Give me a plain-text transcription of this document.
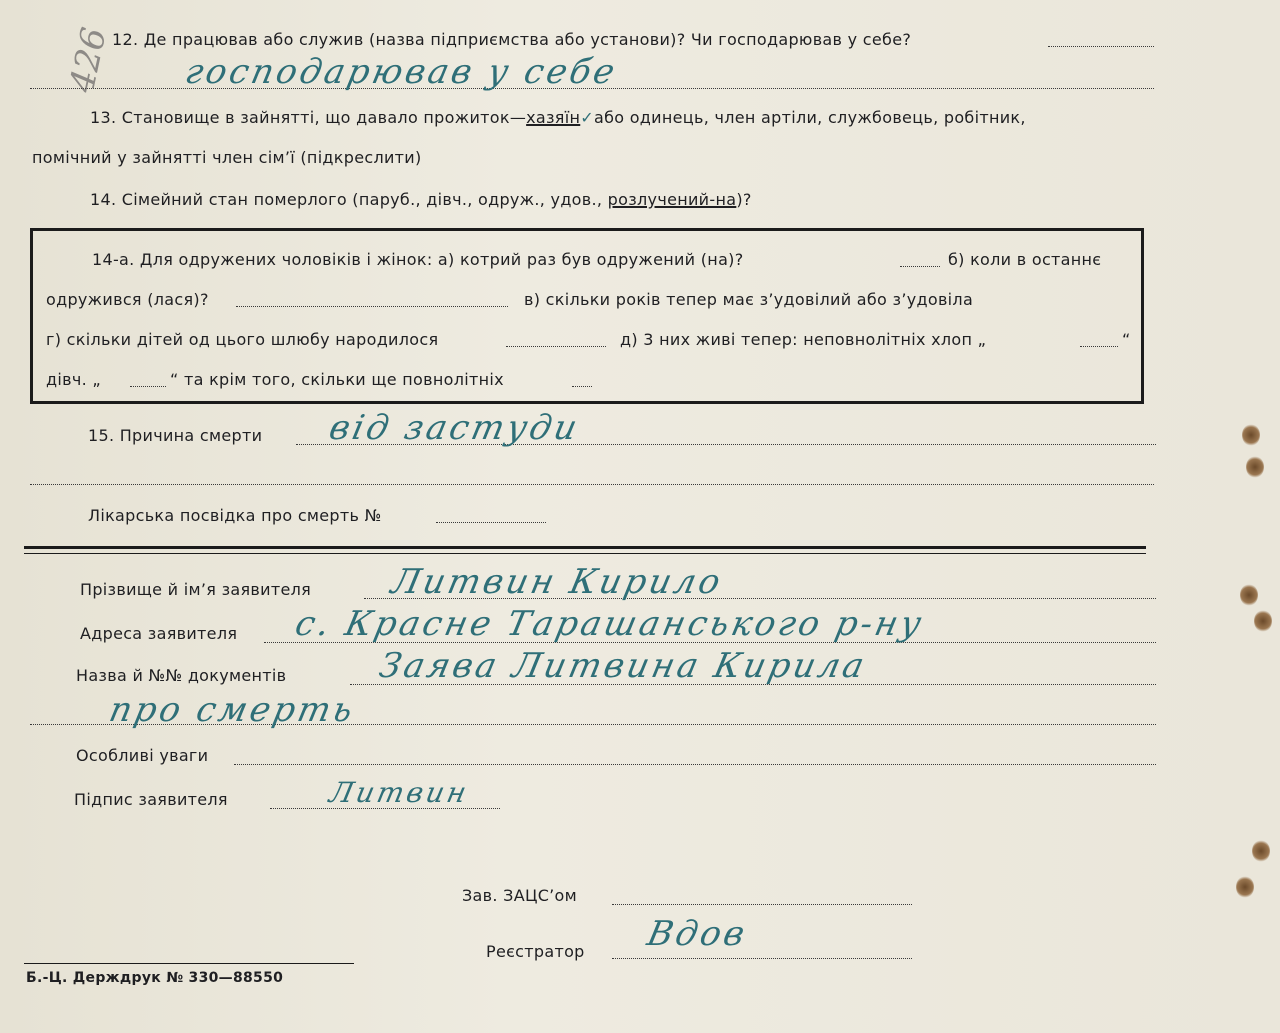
426
12. Де працював або служив (назва підприємства або установи)? Чи господарював у себе?
господарював у себе
13. Становище в зайнятті, що давало прожиток—хазяїн✓або одинець, член артіли, службовець, робітник,
помічний у зайнятті член сім’ї (підкреслити)
14. Сімейний стан померлого (паруб., дівч., одруж., удов., розлучений-на)?
14-а. Для одружених чоловіків і жінок: а) котрий раз був одружений (на)?	б) коли в останнє
одружився (лася)?	в) скільки років тепер має з’удовілий або з’удовіла
г) скільки дітей од цього шлюбу народилося	д) 3 них живі тепер: неповнолітніх хлоп „	“
дівч. „	“ та крім того, скільки ще повнолітніх
15. Причина смерти від застуди
Лікарська посвідка про смерть №
Прізвище й ім’я заявителя Литвин Кирило
Адреса заявителя с. Красне Тарашанського р-ну
Назва й №№ документів	Заява Литвина Кирила
про смерть
Особливі уваги
Підпис заявителя	Литвин
Зав. ЗАЦС’ом
Реєстратор Вдов
Б.-Ц. Держдрук № 330—88550
